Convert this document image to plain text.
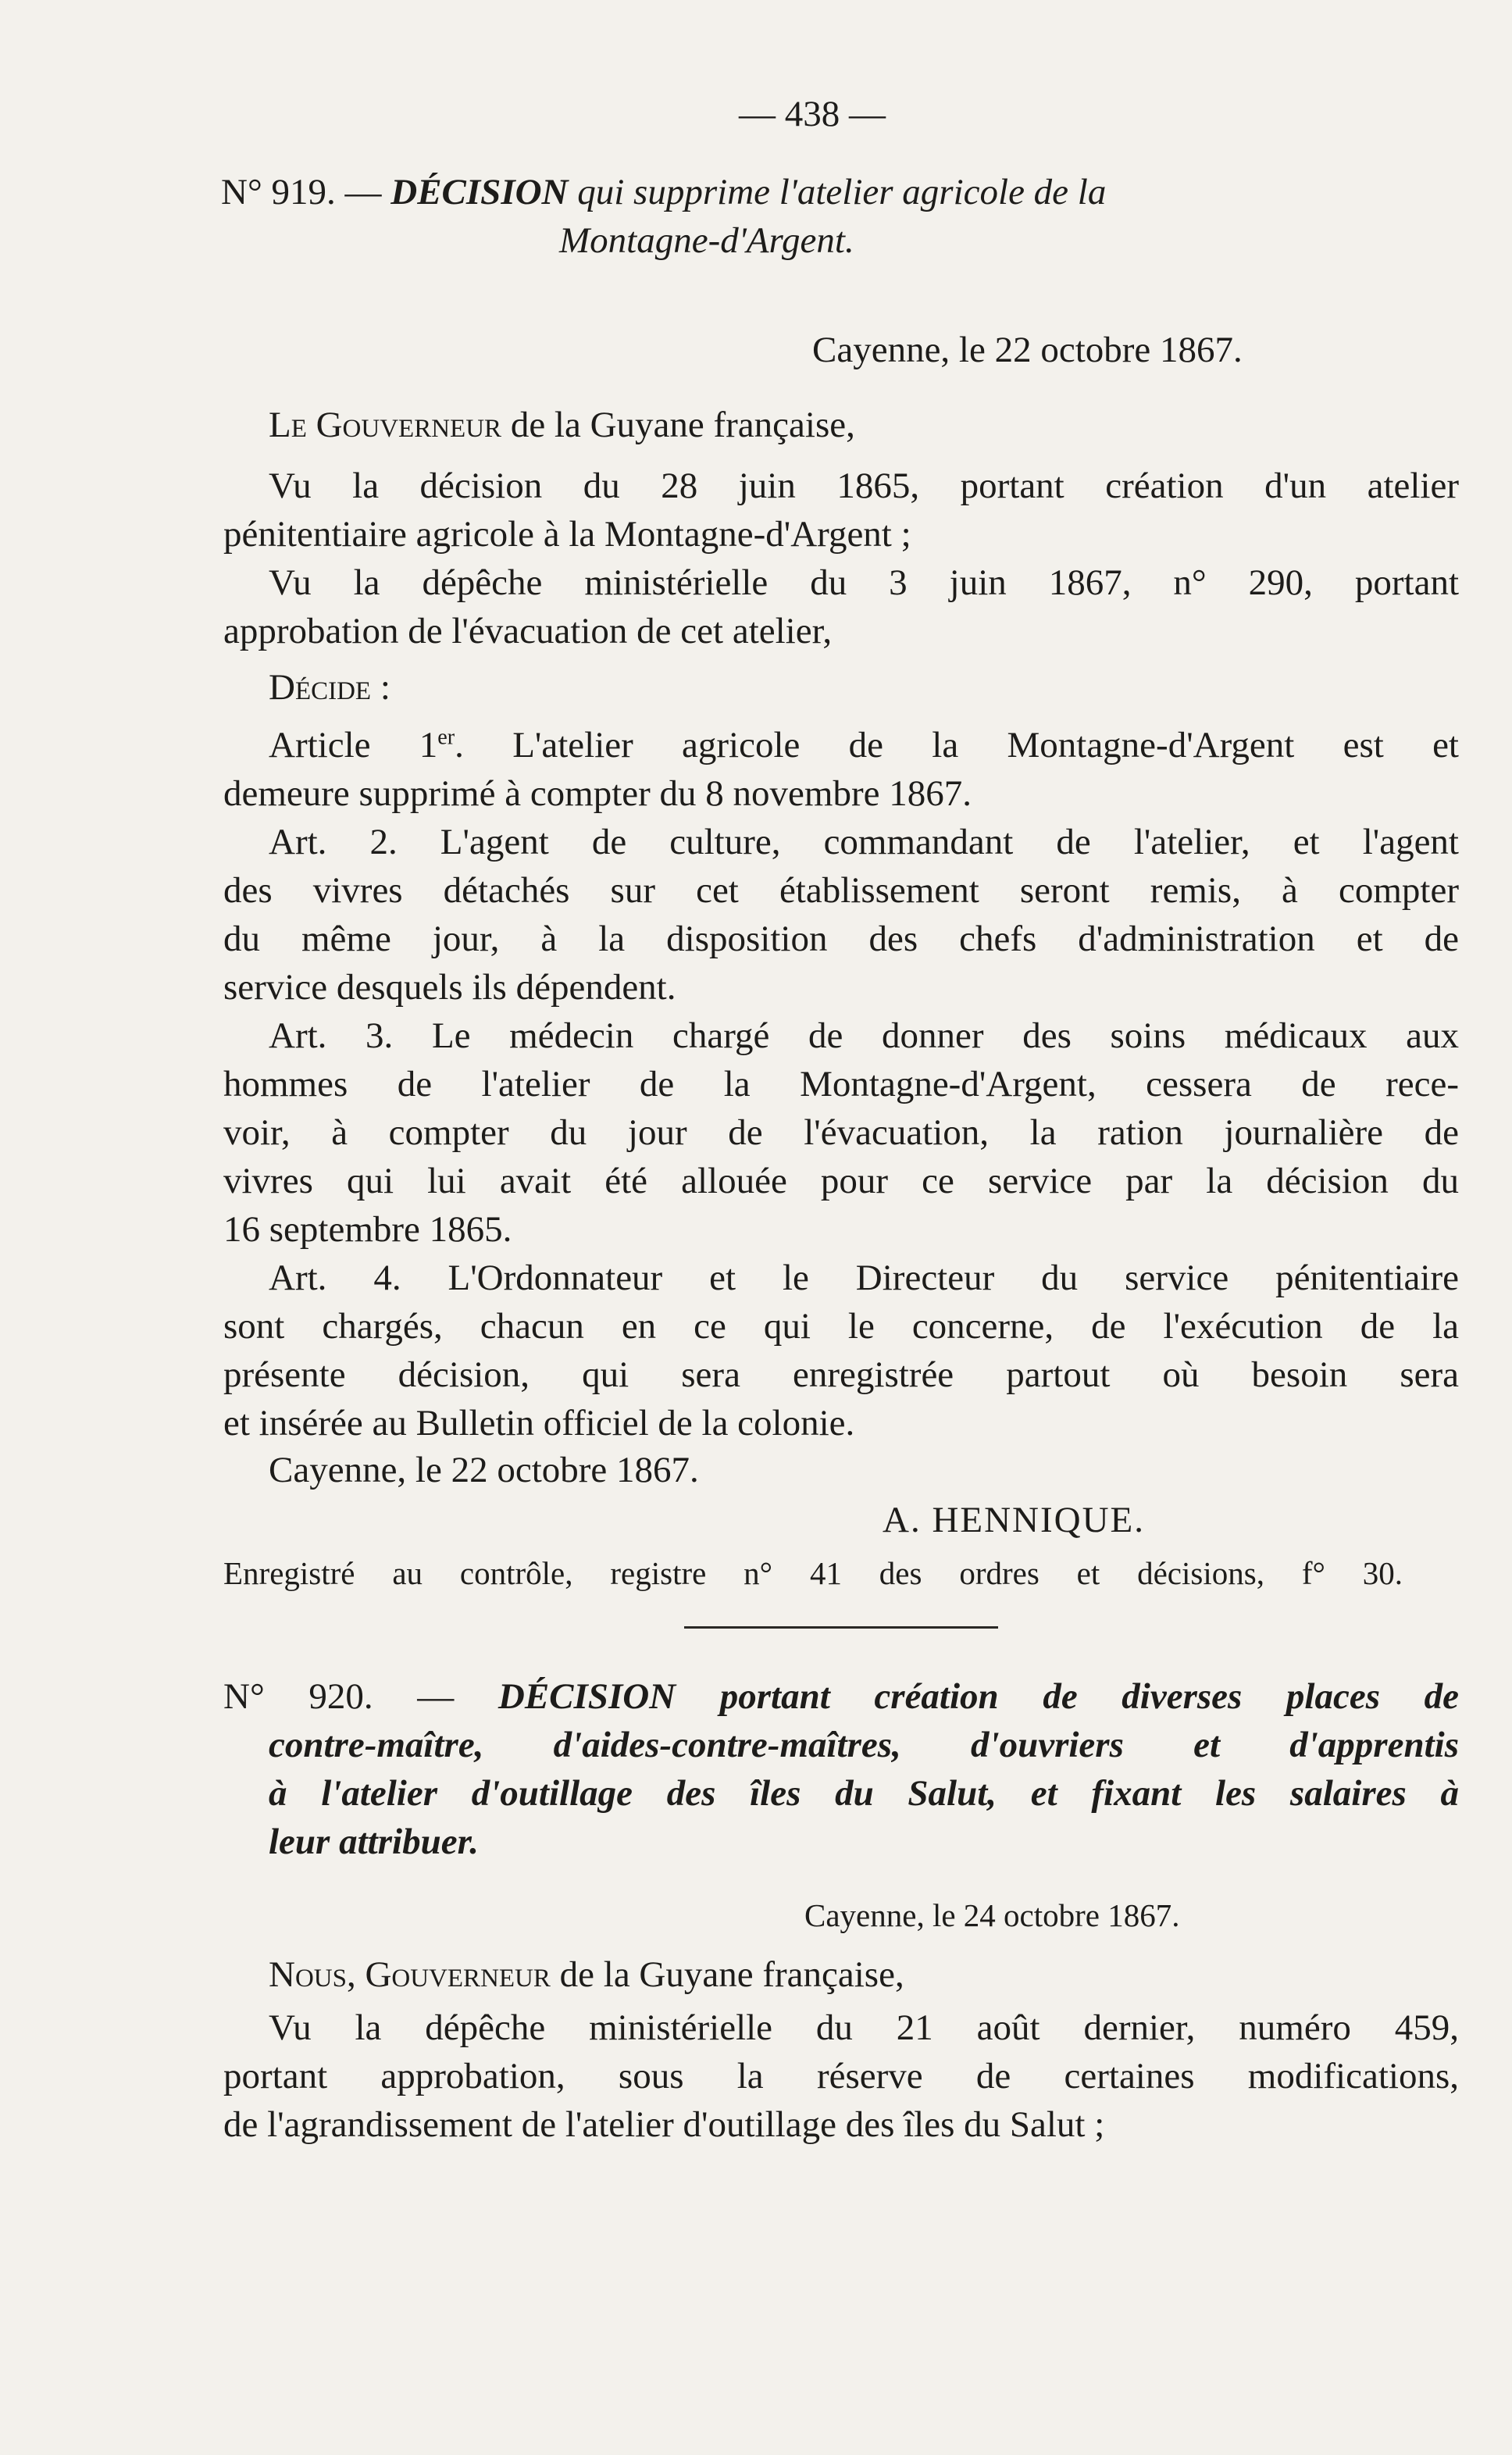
— 438 —
N° 919. — DÉCISION qui supprime l'atelier agricole de la
Montagne-d'Argent.
Cayenne, le 22 octobre 1867.
Le Gouverneur de la Guyane française,
Vu la décision du 28 juin 1865, portant création d'un atelier
pénitentiaire agricole à la Montagne-d'Argent ;
Vu la dépêche ministérielle du 3 juin 1867, n° 290, portant
approbation de l'évacuation de cet atelier,
Décide :
Article 1er. L'atelier agricole de la Montagne-d'Argent est et
demeure supprimé à compter du 8 novembre 1867.
Art. 2. L'agent de culture, commandant de l'atelier, et l'agent
des vivres détachés sur cet établissement seront remis, à compter
du même jour, à la disposition des chefs d'administration et de
service desquels ils dépendent.
Art. 3. Le médecin chargé de donner des soins médicaux aux
hommes de l'atelier de la Montagne-d'Argent, cessera de rece-
voir, à compter du jour de l'évacuation, la ration journalière de
vivres qui lui avait été allouée pour ce service par la décision du
16 septembre 1865.
Art. 4. L'Ordonnateur et le Directeur du service pénitentiaire
sont chargés, chacun en ce qui le concerne, de l'exécution de la
présente décision, qui sera enregistrée partout où besoin sera
et insérée au Bulletin officiel de la colonie.
Cayenne, le 22 octobre 1867.
A. HENNIQUE.
Enregistré au contrôle, registre n° 41 des ordres et décisions, f° 30.
N° 920. — DÉCISION portant création de diverses places de
contre-maître, d'aides-contre-maîtres, d'ouvriers et d'apprentis
à l'atelier d'outillage des îles du Salut, et fixant les salaires à
leur attribuer.
Cayenne, le 24 octobre 1867.
Nous, Gouverneur de la Guyane française,
Vu la dépêche ministérielle du 21 août dernier, numéro 459,
portant approbation, sous la réserve de certaines modifications,
de l'agrandissement de l'atelier d'outillage des îles du Salut ;
